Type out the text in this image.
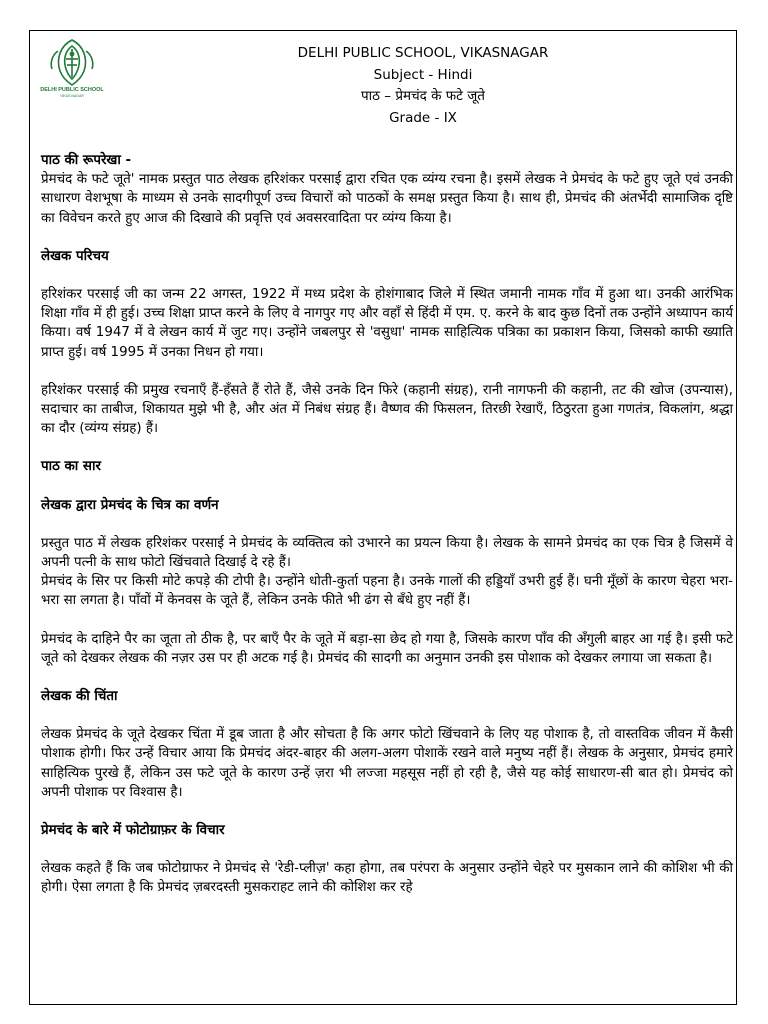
DELHI PUBLIC SCHOOL
VIKAS NAGAR
DELHI PUBLIC SCHOOL, VIKASNAGAR
Subject - Hindi
पाठ – प्रेमचंद के फटे जूते
Grade - IX
पाठ की रूपरेखा -

प्रेमचंद के फटे जूते' नामक प्रस्तुत पाठ लेखक हरिशंकर परसाई द्वारा रचित एक व्यंग्य रचना है। इसमें लेखक ने प्रेमचंद के फटे हुए जूते एवं उनकी साधारण वेशभूषा के माध्यम से उनके सादगीपूर्ण उच्च विचारों को पाठकों के समक्ष प्रस्तुत किया है। साथ ही, प्रेमचंद की अंतर्भेदी सामाजिक दृष्टि का विवेचन करते हुए आज की दिखावे की प्रवृत्ति एवं अवसरवादिता पर व्यंग्य किया है।

लेखक परिचय

हरिशंकर परसाई जी का जन्म 22 अगस्त, 1922 में मध्य प्रदेश के होशंगाबाद जिले में स्थित जमानी नामक गाँव में हुआ था। उनकी आरंभिक शिक्षा गाँव में ही हुई। उच्च शिक्षा प्राप्त करने के लिए वे नागपुर गए और वहाँ से हिंदी में एम. ए. करने के बाद कुछ दिनों तक उन्होंने अध्यापन कार्य किया। वर्ष 1947 में वे लेखन कार्य में जुट गए। उन्होंने जबलपुर से 'वसुधा' नामक साहित्यिक पत्रिका का प्रकाशन किया, जिसको काफी ख्याति प्राप्त हुई। वर्ष 1995 में उनका निधन हो गया।

हरिशंकर परसाई की प्रमुख रचनाएँ हैं-हँसते हैं रोते हैं, जैसे उनके दिन फिरे (कहानी संग्रह), रानी नागफनी की कहानी, तट की खोज (उपन्यास), सदाचार का ताबीज, शिकायत मुझे भी है, और अंत में निबंध संग्रह हैं। वैष्णव की फिसलन, तिरछी रेखाएँ, ठिठुरता हुआ गणतंत्र, विकलांग, श्रद्धा का दौर (व्यंग्य संग्रह) हैं।

पाठ का सार
लेखक द्वारा प्रेमचंद के चित्र का वर्णन

प्रस्तुत पाठ में लेखक हरिशंकर परसाई ने प्रेमचंद के व्यक्तित्व को उभारने का प्रयत्न किया है। लेखक के सामने प्रेमचंद का एक चित्र है जिसमें वे अपनी पत्नी के साथ फोटो खिंचवाते दिखाई दे रहे हैं।

प्रेमचंद के सिर पर किसी मोटे कपड़े की टोपी है। उन्होंने धोती-कुर्ता पहना है। उनके गालों की हड्डियाँ उभरी हुई हैं। घनी मूँछों के कारण चेहरा भरा-भरा सा लगता है। पाँवों में केनवस के जूते हैं, लेकिन उनके फीते भी ढंग से बँधे हुए नहीं हैं।

प्रेमचंद के दाहिने पैर का जूता तो ठीक है, पर बाएँ पैर के जूते में बड़ा-सा छेद हो गया है, जिसके कारण पाँव की अँगुली बाहर आ गई है। इसी फटे जूते को देखकर लेखक की नज़र उस पर ही अटक गई है। प्रेमचंद की सादगी का अनुमान उनकी इस पोशाक को देखकर लगाया जा सकता है।

लेखक की चिंता

लेखक प्रेमचंद के जूते देखकर चिंता में डूब जाता है और सोचता है कि अगर फोटो खिंचवाने के लिए यह पोशाक है, तो वास्तविक जीवन में कैसी पोशाक होगी। फिर उन्हें विचार आया कि प्रेमचंद अंदर-बाहर की अलग-अलग पोशाकें रखने वाले मनुष्य नहीं हैं। लेखक के अनुसार, प्रेमचंद हमारे साहित्यिक पुरखे हैं, लेकिन उस फटे जूते के कारण उन्हें ज़रा भी लज्जा महसूस नहीं हो रही है, जैसे यह कोई साधारण-सी बात हो। प्रेमचंद को अपनी पोशाक पर विश्वास है।

प्रेमचंद के बारे में फोटोग्राफ़र के विचार

लेखक कहते हैं कि जब फोटोग्राफर ने प्रेमचंद से 'रेडी-प्लीज़' कहा होगा, तब परंपरा के अनुसार उन्होंने चेहरे पर मुसकान लाने की कोशिश भी की होगी। ऐसा लगता है कि प्रेमचंद ज़बरदस्ती मुसकराहट लाने की कोशिश कर रहे
